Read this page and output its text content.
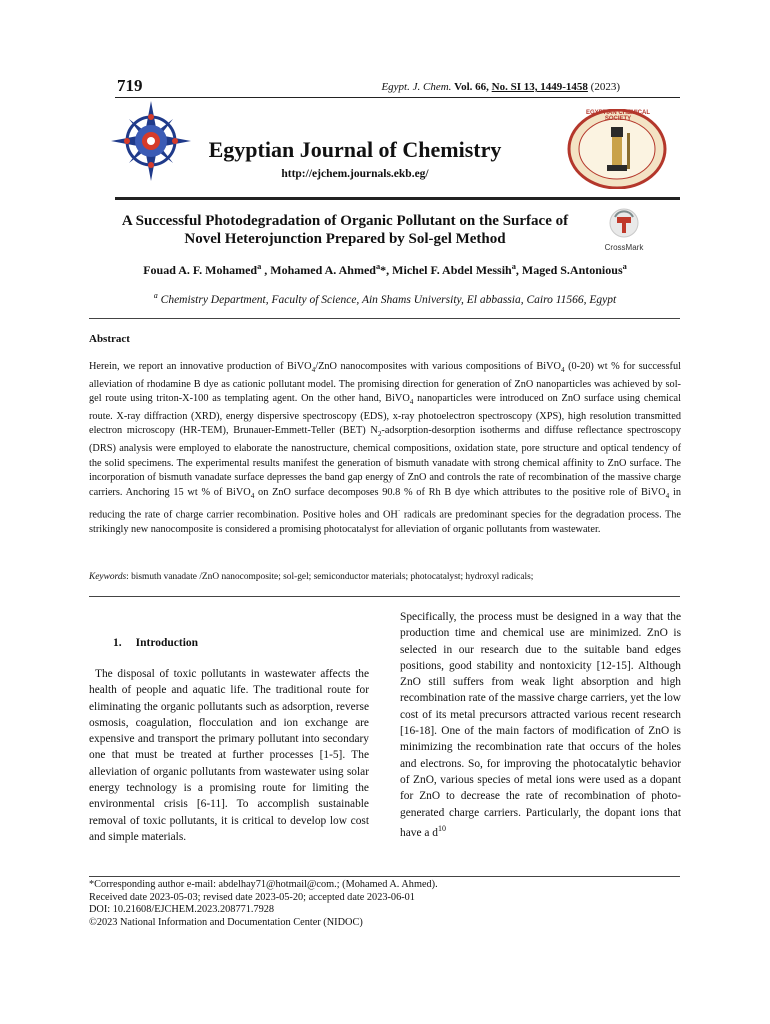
719	Egypt. J. Chem. Vol. 66, No. SI 13, 1449-1458 (2023)
EGYPTIAN CHEMICAL SOCIETY
Egyptian Journal of Chemistry
http://ejchem.journals.ekb.eg/
A Successful Photodegradation of Organic Pollutant on the Surface of
Novel Heterojunction Prepared by Sol-gel Method
CrossMark
Fouad A. F. Mohamed$^a$ , Mohamed A. Ahmed$^a$*, Michel F. Abdel Messih$^a$, Maged S.Antonious$^a$
$^a$ Chemistry Department, Faculty of Science, Ain Shams University, El abbassia, Cairo 11566, Egypt
Abstract
Herein, we report an innovative production of BiVO$_4$/ZnO nanocomposites with various compositions of BiVO$_4$ (0-20) wt % for successful alleviation of rhodamine B dye as cationic pollutant model. The promising direction for generation of ZnO nanoparticles was achieved by sol-gel route using triton-X-100 as templating agent. On the other hand, BiVO$_4$ nanoparticles were introduced on ZnO surface using chemical route. X-ray diffraction (XRD), energy dispersive spectroscopy (EDS), x-ray photoelectron spectroscopy (XPS), high resolution transmitted electron microscopy (HR-TEM), Brunauer-Emmett-Teller (BET) $N_2-adsorption$-desorption isotherms and diffuse reflectance spectroscopy (DRS) analysis were employed to elaborate the nanostructure, chemical compositions, oxidation state, pore structure and optical tendency of the solid specimens. The experimental results manifest the generation of bismuth vanadate with strong chemical affinity to ZnO surface. The incorporation of bismuth vanadate surface depresses the band gap energy of ZnO and controls the rate of recombination of the massive charge carriers. Anchoring 15 wt % of BiVO$_4$ on ZnO surface decomposes 90.8 % of Rh B dye which attributes to the positive role of BiVO$_4$ in reducing the rate of charge carrier recombination. Positive holes and OH· radicals are predominant species for the degradation process. The strikingly new nanocomposite is considered a promising photocatalyst for alleviation of organic pollutants from wastewater.
Keywords: bismuth vanadate /ZnO nanocomposite; sol-gel; semiconductor materials; photocatalyst; hydroxyl radicals;
1. Introduction
The disposal of toxic pollutants in wastewater affects the health of people and aquatic life. The traditional route for eliminating the organic pollutants such as adsorption, reverse osmosis, coagulation, flocculation and ion exchange are expensive and transport the primary pollutant into secondary one that must be treated at further processes [1-5]. The alleviation of organic pollutants from wastewater using solar energy technology is a promising route for limiting the environmental crisis [6-11]. To accomplish sustainable removal of toxic pollutants, it is critical to develop low cost and simple materials.
Specifically, the process must be designed in a way that the production time and chemical use are minimized. ZnO is selected in our research due to the suitable band edges positions, good stability and nontoxicity [12-15]. Although ZnO still suffers from weak light absorption and high recombination rate of the massive charge carriers, yet the low cost of its metal precursors attracted various recent research [16-18]. One of the main factors of modification of ZnO is minimizing the recombination rate that occurs of the holes and electrons. So, for improving the photocatalytic behavior of ZnO, various species of metal ions were used as a dopant for ZnO to decrease the rate of recombination of photo-generated charge carriers. Particularly, the dopant ions that have a $d^{10}$
*Corresponding author e-mail: abdelhay71@hotmail@com.; (Mohamed A. Ahmed).
Received date 2023-05-03; revised date 2023-05-20; accepted date 2023-06-01
DOI: 10.21608/EJCHEM.2023.208771.7928
©2023 National Information and Documentation Center (NIDOC)
